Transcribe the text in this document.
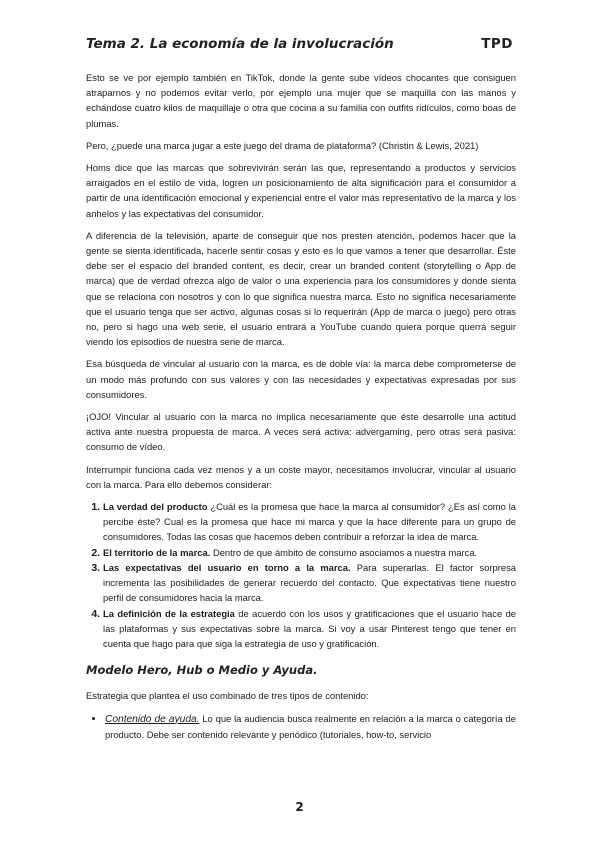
Tema 2. La economía de la involucración	TPD

Esto se ve por ejemplo también en TikTok, donde la gente sube vídeos chocantes que consiguen atraparnos y no podemos evitar verlo, por ejemplo una mujer que se maquilla con las manos y echándose cuatro kilos de maquillaje o otra que cocina a su familia con outfits ridículos, como boas de plumas.

Pero, ¿puede una marca jugar a este juego del drama de plataforma? (Christin & Lewis, 2021)

Homs dice que las marcas que sobrevivirán serán las que, representando a productos y servicios arraigados en el estilo de vida, logren un posicionamiento de alta significación para el consumidor a partir de una identificación emocional y experiencial entre el valor más representativo de la marca y los anhelos y las expectativas del consumidor.

A diferencia de la televisión, aparte de conseguir que nos presten atención, podemos hacer que la gente se sienta identificada, hacerle sentir cosas y esto es lo que vamos a tener que desarrollar. Éste debe ser el espacio del branded content, es decir, crear un branded content (storytelling o App de marca) que de verdad ofrezca algo de valor o una experiencia para los consumidores y donde sienta que se relaciona con nosotros y con lo que significa nuestra marca. Esto no significa necesariamente que el usuario tenga que ser activo, algunas cosas si lo requerirán (App de marca o juego) pero otras no, pero si hago una web serie, el usuario entrará a YouTube cuando quiera porque querrá seguir viendo los episodios de nuestra serie de marca.

Esa búsqueda de vincular al usuario con la marca, es de doble vía: la marca debe comprometerse de un modo más profundo con sus valores y con las necesidades y expectativas expresadas por sus consumidores.

¡OJO! Vincular al usuario con la marca no implica necesariamente que éste desarrolle una actitud activa ante nuestra propuesta de marca. A veces será activa: advergaming, pero otras será pasiva: consumo de vídeo.

Interrumpir funciona cada vez menos y a un coste mayor, necesitamos involucrar, vincular al usuario con la marca. Para ello debemos considerar:

1. La verdad del producto ¿Cuál es la promesa que hace la marca al consumidor? ¿Es así como la percibe éste? Cual es la promesa que hace mi marca y que la hace diferente para un grupo de consumidores. Todas las cosas que hacemos deben contribuir a reforzar la idea de marca.
2. El territorio de la marca. Dentro de que ámbito de consumo asociamos a nuestra marca.
3. Las expectativas del usuario en torno a la marca. Para superarlas. El factor sorpresa incrementa las posibilidades de generar recuerdo del contacto. Que expectativas tiene nuestro perfil de consumidores hacia la marca.
4. La definición de la estrategia de acuerdo con los usos y gratificaciones que el usuario hace de las plataformas y sus expectativas sobre la marca. Si voy a usar Pinterest tengo que tener en cuenta que hago para que siga la estrategia de uso y gratificación.
Modelo Hero, Hub o Medio y Ayuda.

Estrategia que plantea el uso combinado de tres tipos de contenido:

• Contenido de ayuda. Lo que la audiencia busca realmente en relación a la marca o categoría de producto. Debe ser contenido relevante y periódico (tutoriales, how-to, servicio
2
